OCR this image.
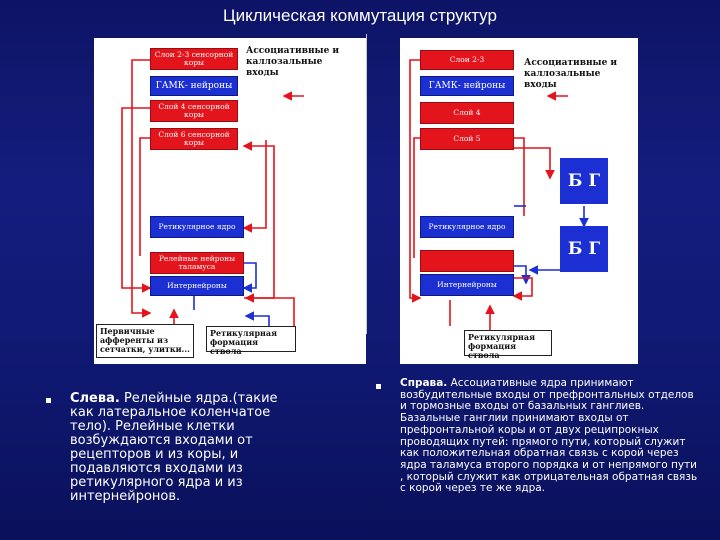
Циклическая коммутация структур
Слои 2-3 сенсорной коры
ГАМК- нейроны
Слой 4 сенсорной коры
Слой 6 сенсорной коры
Ассоциативные и каллозальные входы
Ретикулярное ядро
Релейные нейроны таламуса
Интернейроны
Первичные афференты из сетчатки, улитки...
Ретикулярная формация ствола
Слои 2-3
ГАМК- нейроны
Слой 4
Слой 5
Ассоциативные и каллозальные входы
Б Г
Б Г
Ретикулярное ядро
Интернейроны
Ретикулярная формация ствола
Слева. Релейные ядра.(такие как латеральное коленчатое тело). Релейные клетки возбуждаются входами от рецепторов и из коры, и подавляются входами из ретикулярного ядра и из интернейронов.
Справа. Ассоциативные ядра принимают возбудительные входы от префронтальных отделов и тормозные входы от базальных ганглиев. Базальные ганглии принимают входы от префронтальной коры и от двух реципрокных проводящих путей: прямого пути, который служит как положительная обратная связь с корой через ядра таламуса второго порядка и от непрямого пути , который служит как отрицательная обратная связь с корой через те же ядра.
